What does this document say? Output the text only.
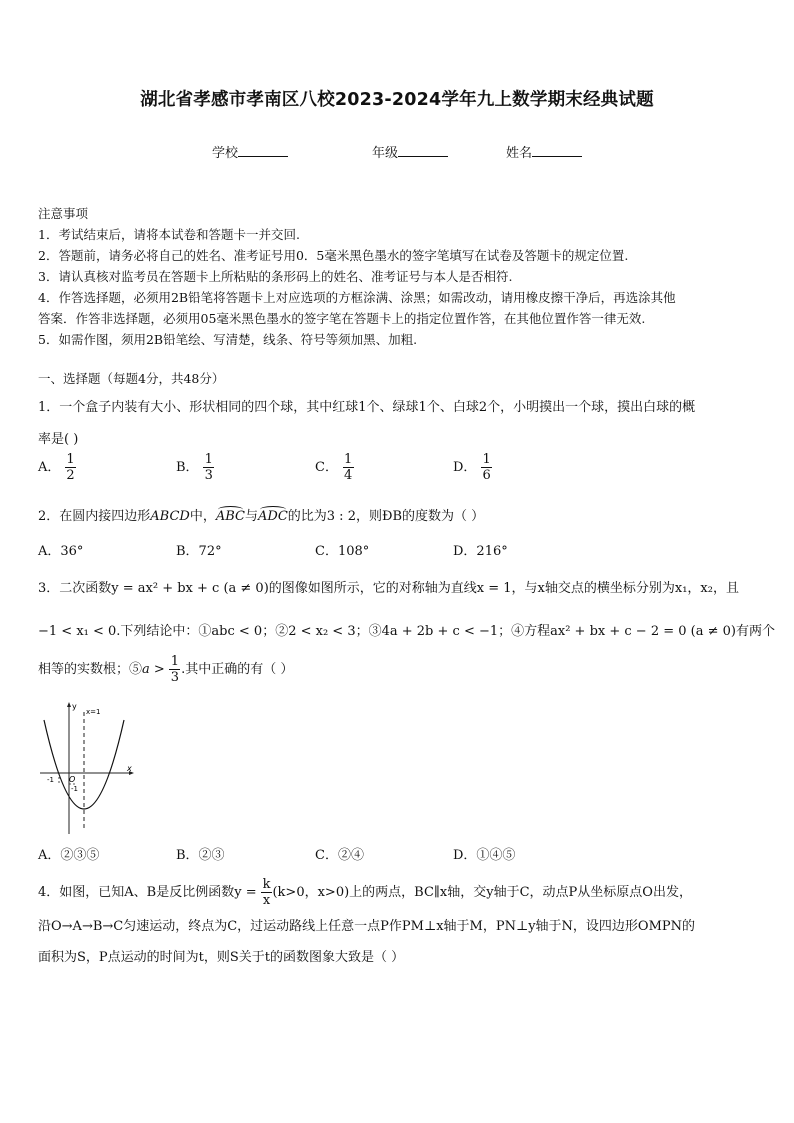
湖北省孝感市孝南区八校2023-2024学年九上数学期末经典试题
学校	年级	姓名
注意事项
1．考试结束后，请将本试卷和答题卡一并交回.
2．答题前，请务必将自己的姓名、准考证号用0．5毫米黑色墨水的签字笔填写在试卷及答题卡的规定位置.
3．请认真核对监考员在答题卡上所粘贴的条形码上的姓名、准考证号与本人是否相符.
4．作答选择题，必须用2B铅笔将答题卡上对应选项的方框涂满、涂黑；如需改动，请用橡皮擦干净后，再选涂其他
答案．作答非选择题，必须用05毫米黑色墨水的签字笔在答题卡上的指定位置作答，在其他位置作答一律无效.
5．如需作图，须用2B铅笔绘、写清楚，线条、符号等须加黑、加粗.
一、选择题（每题4分，共48分）
1．一个盒子内装有大小、形状相同的四个球，其中红球1个、绿球1个、白球2个，小明摸出一个球，摸出白球的概
率是( )
A． $\frac{1}{2}$	B． $\frac{1}{3}$	C． $\frac{1}{4}$	D． $\frac{1}{6}$
2．在圆内接四边形ABCD中，
ABC与
ADC的比为3 : 2，则ÐB的度数为（ ）
A．36°	B．72°	C．108°	D．216°
3．二次函数y = ax² + bx + c (a ≠ 0)的图像如图所示，它的对称轴为直线x = 1，与x轴交点的横坐标分别为x₁，x₂，且
−1 < x₁ < 0.下列结论中：①abc < 0；②2 < x₂ < 3；③4a + 2b + c < −1；④方程ax² + bx + c − 2 = 0 (a ≠ 0)有两个
相等的实数根；⑤a > $\frac{1}{3}$ .其中正确的有（ ）
y
x
x=1
O
-1
-1
A．②③⑤	B．②③	C．②④	D．①④⑤
4．如图，已知A、B是反比例函数$y = \frac{k}{x} (k>0$，x>0)上的两点，BC∥x轴，交y轴于C，动点P从坐标原点O出发，
沿O→A→B→C匀速运动，终点为C，过运动路线上任意一点P作PM⊥x轴于M，PN⊥y轴于N，设四边形OMPN的
面积为S，P点运动的时间为t，则S关于t的函数图象大致是（ ）
